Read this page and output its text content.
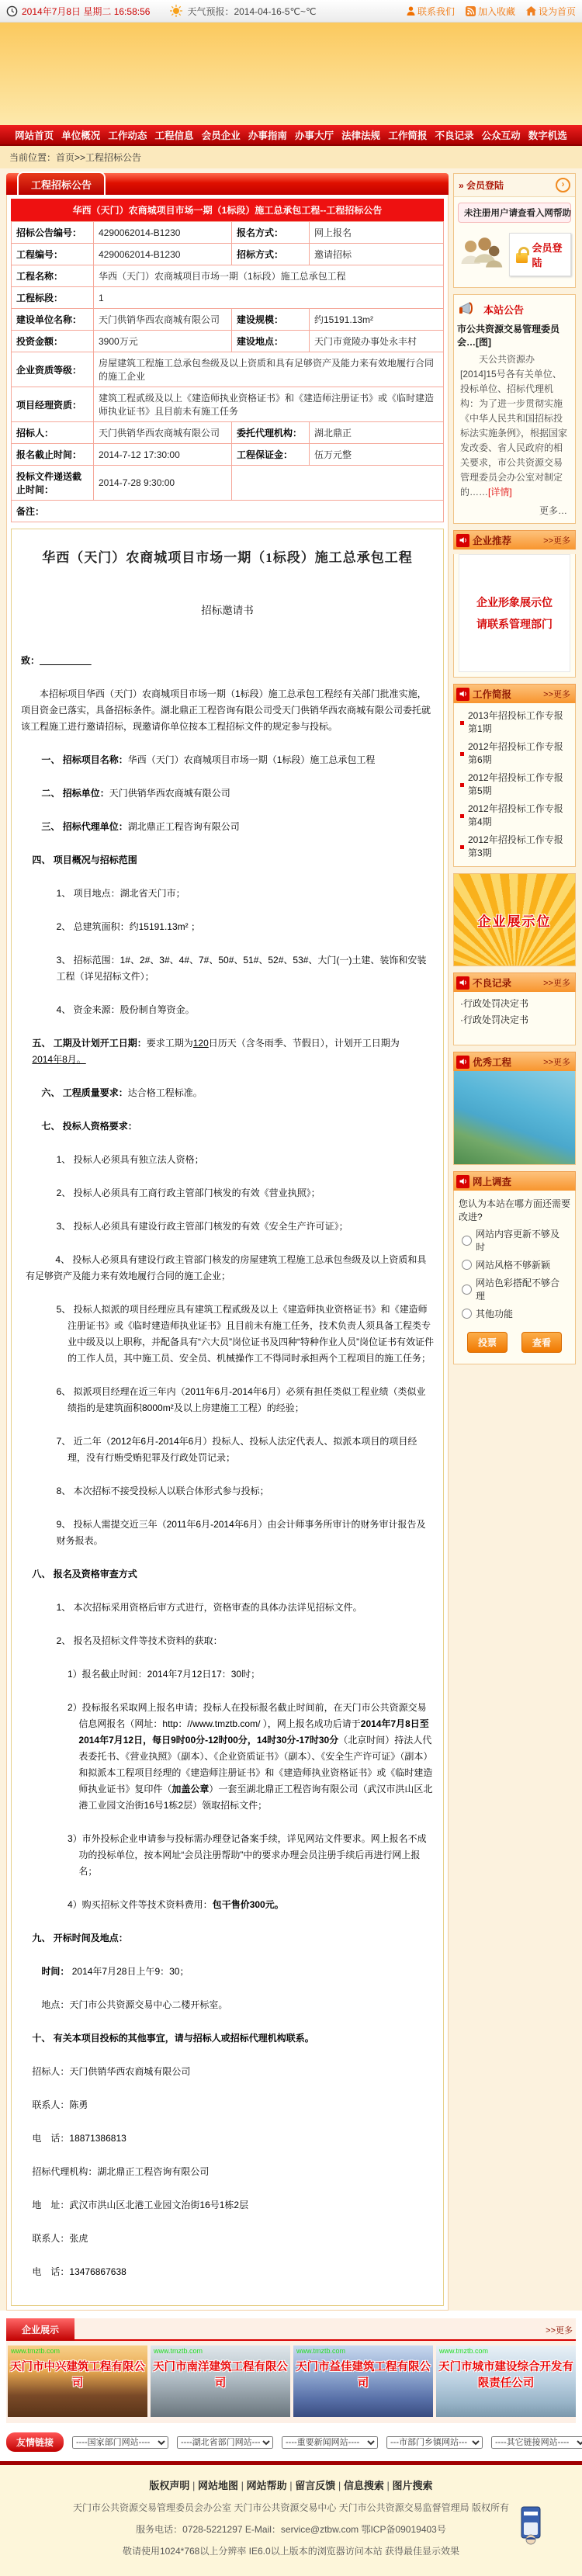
2014年7月8日 星期二 16:58:56	天气预报：2014-04-16-5℃~℃	联系我们	加入收藏	设为首页
网站首页 单位概况 工作动态 工程信息 会员企业 办事指南 办事大厅 法律法规 工作简报 不良记录 公众互动 数字机选
当前位置：首页>>工程招标公告
工程招标公告
华西（天门）农商城项目市场一期（1标段）施工总承包工程--工程招标公告
招标公告编号：	4290062014-B1230	报名方式：	网上报名
工程编号：	4290062014-B1230	招标方式：	邀请招标
工程名称：	华西（天门）农商城项目市场一期（1标段）施工总承包工程		
工程标段：	1		
建设单位名称：	天门供销华西农商城有限公司	建设规模：	约15191.13m²
投资金额：	3900万元	建设地点：	天门市竟陵办事处永丰村
企业资质等级：	房屋建筑工程施工总承包叁级及以上资质和具有足够资产及能力来有效地履行合同的施工企业		
项目经理资质：	建筑工程贰级及以上《建造师执业资格证书》和《建造师注册证书》或《临时建造师执业证书》且目前未有施工任务		
招标人：	天门供销华西农商城有限公司	委托代理机构：	湖北鼎正
报名截止时间：	2014-7-12 17:30:00	工程保证金：	伍万元整
投标文件递送截止时间：	2014-7-28 9:30:00		
备注：			
华西（天门）农商城项目市场一期（1标段）施工总承包工程
招标邀请书

致：

本招标项目华西（天门）农商城项目市场一期（1标段）施工总承包工程经有关部门批准实施，项目资金已落实，具备招标条件。湖北鼎正工程咨询有限公司受天门供销华西农商城有限公司委托就该工程施工进行邀请招标，现邀请你单位按本工程招标文件的规定参与投标。

一、 招标项目名称：华西（天门）农商城项目市场一期（1标段）施工总承包工程

二、 招标单位：天门供销华西农商城有限公司

三、 招标代理单位：湖北鼎正工程咨询有限公司

四、 项目概况与招标范围

1、 项目地点：湖北省天门市；

2、 总建筑面积：约15191.13m² ；

3、 招标范围：1#、2#、3#、4#、7#、50#、51#、52#、53#、大门(一)土建、装饰和安装工程（详见招标文件）；

4、 资金来源：股份制自筹资金。

五、 工期及计划开工日期：要求工期为120日历天（含冬雨季、节假日），计划开工日期为2014年8月。

六、 工程质量要求：达合格工程标准。

七、 投标人资格要求：

1、 投标人必须具有独立法人资格；

2、 投标人必须具有工商行政主管部门核发的有效《营业执照》；

3、 投标人必须具有建设行政主管部门核发的有效《安全生产许可证》；

4、 投标人必须具有建设行政主管部门核发的房屋建筑工程施工总承包叁级及以上资质和具有足够资产及能力来有效地履行合同的施工企业；

5、 投标人拟派的项目经理应具有建筑工程贰级及以上《建造师执业资格证书》和《建造师注册证书》或《临时建造师执业证书》且目前未有施工任务，技术负责人须具备工程类专业中级及以上职称，并配备具有“六大员”岗位证书及四种“特种作业人员”岗位证书有效证件的工作人员，其中施工员、安全员、机械操作工不得同时承担两个工程项目的施工任务；

6、 拟派项目经理在近三年内（2011年6月-2014年6月）必须有担任类似工程业绩（类似业绩指的是建筑面积8000m²及以上房建施工工程）的经验；

7、 近二年（2012年6月-2014年6月）投标人、投标人法定代表人、拟派本项目的项目经理，没有行贿受贿犯罪及行政处罚记录；

8、 本次招标不接受投标人以联合体形式参与投标；

9、 投标人需提交近三年（2011年6月-2014年6月）由会计师事务所审计的财务审计报告及财务报表。

八、 报名及资格审查方式

1、 本次招标采用资格后审方式进行，资格审查的具体办法详见招标文件。

2、 报名及招标文件等技术资料的获取：

1）报名截止时间：2014年7月12日17：30时；

2）投标报名采取网上报名申请；投标人在投标报名截止时间前，在天门市公共资源交易信息网报名（网址：http：//www.tmztb.com/ ），网上报名成功后请于2014年7月8日至2014年7月12日，每日9时00分-12时00分，14时30分-17时30分（北京时间）持法人代表委托书、《营业执照》（副本）、《企业资质证书》（副本）、《安全生产许可证》（副本）和拟派本工程项目经理的《建造师注册证书》和《建造师执业资格证书》或《临时建造师执业证书》复印件（加盖公章）一套至湖北鼎正工程咨询有限公司（武汉市洪山区北港工业园文治街16号1栋2层）领取招标文件；

3）市外投标企业申请参与投标需办理登记备案手续，详见网站文件要求。网上报名不成功的投标单位，按本网址“会员注册帮助”中的要求办理会员注册手续后再进行网上报名；

4）购买招标文件等技术资料费用：包干售价300元。

九、 开标时间及地点：

时间： 2014年7月28日上午9：30；

地点：天门市公共资源交易中心二楼开标室。

十、 有关本项目投标的其他事宜，请与招标人或招标代理机构联系。

招标人：天门供销华西农商城有限公司

联系人：陈勇

电　话：18871386813

招标代理机构：湖北鼎正工程咨询有限公司

地　址：武汉市洪山区北港工业园文治街16号1栋2层

联系人：张虎

电　话：13476867638

» 会员登陆	›
未注册用户请查看入网帮助
会员登陆
本站公告
市公共资源交易管理委员会…[图]
天公共资源办[2014]15号各有关单位、投标单位、招标代理机构：为了进一步贯彻实施《中华人民共和国招标投标法实施条例》，根据国家发改委、省人民政府的相关要求，市公共资源交易管理委员会办公室对制定的……[详情]
更多…
企业推荐	>>更多
企业形象展示位
请联系管理部门
工作简报	>>更多
2013年招投标工作专报第1期
2012年招投标工作专报第6期
2012年招投标工作专报第5期
2012年招投标工作专报第4期
2012年招投标工作专报第3期
企业展示位
不良记录	>>更多
·行政处罚决定书
·行政处罚决定书
优秀工程	>>更多
网上调查
您认为本站在哪方面还需要改进?
网站内容更新不够及时
网站风格不够新颖
网站色彩搭配不够合理
其他功能
投票	查看
企业展示	>>更多
www.tmztb.com
天门市中兴建筑工程有限公司
www.tmztb.com
天门市南洋建筑工程有限公司
www.tmztb.com
天门市益佳建筑工程有限公司
www.tmztb.com
天门市城市建设综合开发有限责任公司
友情链接
----国家部门网站----
----湖北省部门网站---
----重要新闻网站----
---市部门乡镇网站---
----其它链接网站----
版权声明 | 网站地图 | 网站帮助 | 留言反馈 | 信息搜索 | 图片搜索
天门市公共资源交易管理委员会办公室 天门市公共资源交易中心 天门市公共资源交易监督管理局 版权所有
服务电话：0728-5221297 E-Mail：service@ztbw.com 鄂ICP备09019403号
敬请使用1024*768以上分辨率 IE6.0以上版本的浏览器访问本站 获得最佳显示效果
